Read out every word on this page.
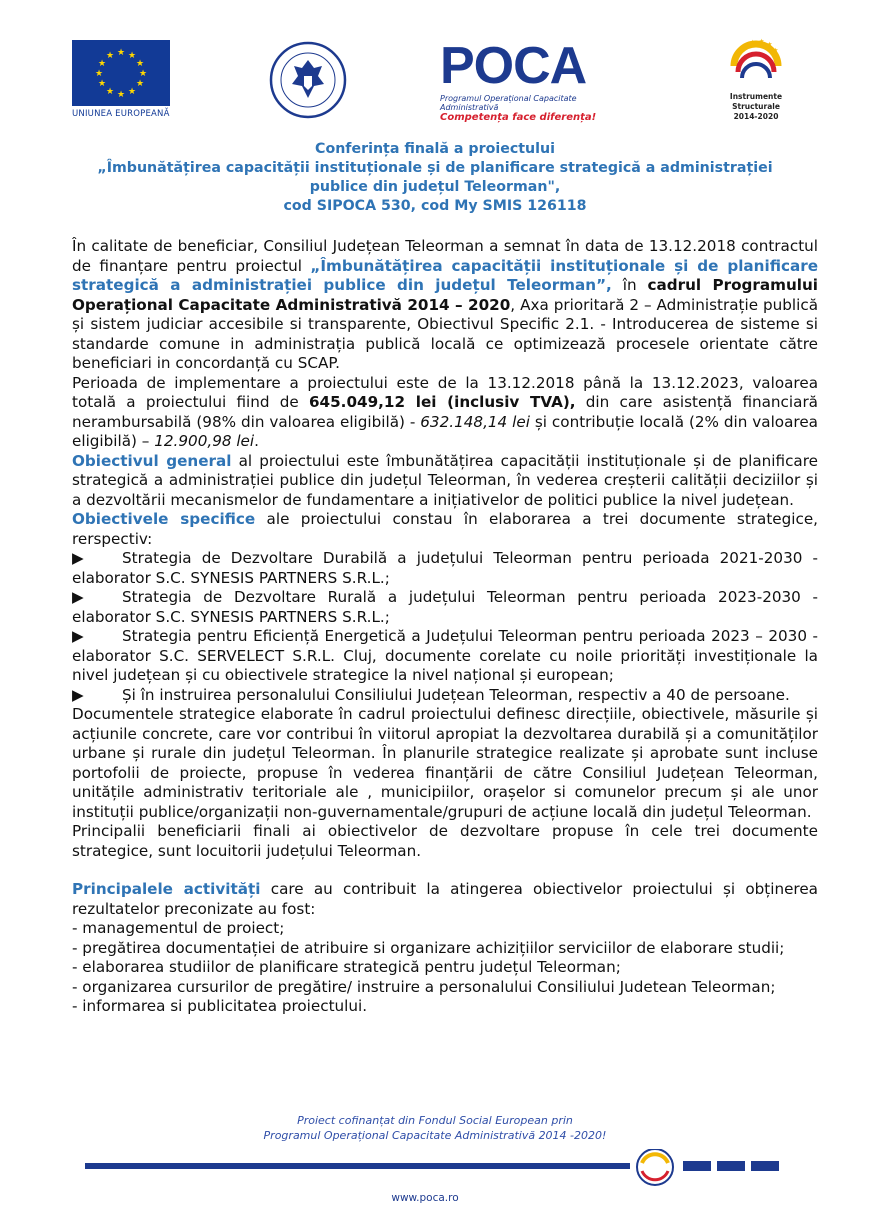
★ ★
★
★
★
★
★
★
★
★
★
★
UNIUNEA EUROPEANĂ
POCA
Programul Operațional Capacitate Administrativă
Competența face diferența!
★ ★ ★
★
Instrumente Structurale
2014-2020
Conferința finală a proiectului
„Îmbunătățirea capacității instituționale și de planificare strategică a administrației
publice din județul Teleorman",
cod SIPOCA 530, cod My SMIS 126118

În calitate de beneficiar, Consiliul Județean Teleorman a semnat în data de 13.12.2018 contractul de finanțare pentru proiectul „Îmbunătățirea capacității instituționale și de planificare strategică a administrației publice din județul Teleorman”, în cadrul Programului Operațional Capacitate Administrativă 2014 – 2020, Axa prioritară 2 – Administrație publică și sistem judiciar accesibile si transparente, Obiectivul Specific 2.1. - Introducerea de sisteme si standarde comune in administrația publică locală ce optimizează procesele orientate către beneficiari in concordanță cu SCAP.

Perioada de implementare a proiectului este de la 13.12.2018 până la 13.12.2023, valoarea totală a proiectului fiind de 645.049,12 lei (inclusiv TVA), din care asistență financiară nerambursabilă (98% din valoarea eligibilă) - 632.148,14 lei și contribuție locală (2% din valoarea eligibilă) – 12.900,98 lei.

Obiectivul general al proiectului este îmbunătățirea capacității instituționale și de planificare strategică a administrației publice din județul Teleorman, în vederea creșterii calității deciziilor și a dezvoltării mecanismelor de fundamentare a inițiativelor de politici publice la nivel județean.

Obiectivele specifice ale proiectului constau în elaborarea a trei documente strategice, rerspectiv:

▶	Strategia de Dezvoltare Durabilă a județului Teleorman pentru perioada 2021-2030 - elaborator S.C. SYNESIS PARTNERS S.R.L.;

▶	Strategia de Dezvoltare Rurală a județului Teleorman pentru perioada 2023-2030 - elaborator S.C. SYNESIS PARTNERS S.R.L.;

▶	Strategia pentru Eficiență Energetică a Județului Teleorman pentru perioada 2023 – 2030 - elaborator S.C. SERVELECT S.R.L. Cluj, documente corelate cu noile priorități investiționale la nivel județean și cu obiectivele strategice la nivel național și european;

▶	Și în instruirea personalului Consiliului Județean Teleorman, respectiv a 40 de persoane.

Documentele strategice elaborate în cadrul proiectului definesc direcțiile, obiectivele, măsurile și acțiunile concrete, care vor contribui în viitorul apropiat la dezvoltarea durabilă și a comunităților urbane și rurale din județul Teleorman. În planurile strategice realizate și aprobate sunt incluse portofolii de proiecte, propuse în vederea finanțării de către Consiliul Județean Teleorman, unitățile administrativ teritoriale ale , municipiilor, orașelor si comunelor precum și ale unor instituții publice/organizații non-guvernamentale/grupuri de acțiune locală din județul Teleorman.

Principalii beneficiarii finali ai obiectivelor de dezvoltare propuse în cele trei documente strategice, sunt locuitorii județului Teleorman.

Principalele activități care au contribuit la atingerea obiectivelor proiectului și obținerea rezultatelor preconizate au fost:

- managementul de proiect;

- pregătirea documentației de atribuire si organizare achizițiilor serviciilor de elaborare studii;

- elaborarea studiilor de planificare strategică pentru județul Teleorman;

- organizarea cursurilor de pregătire/ instruire a personalului Consiliului Judetean Teleorman;

- informarea si publicitatea proiectului.

Proiect cofinanțat din Fondul Social European prin
Programul Operațional Capacitate Administrativă 2014 -2020!
www.poca.ro
